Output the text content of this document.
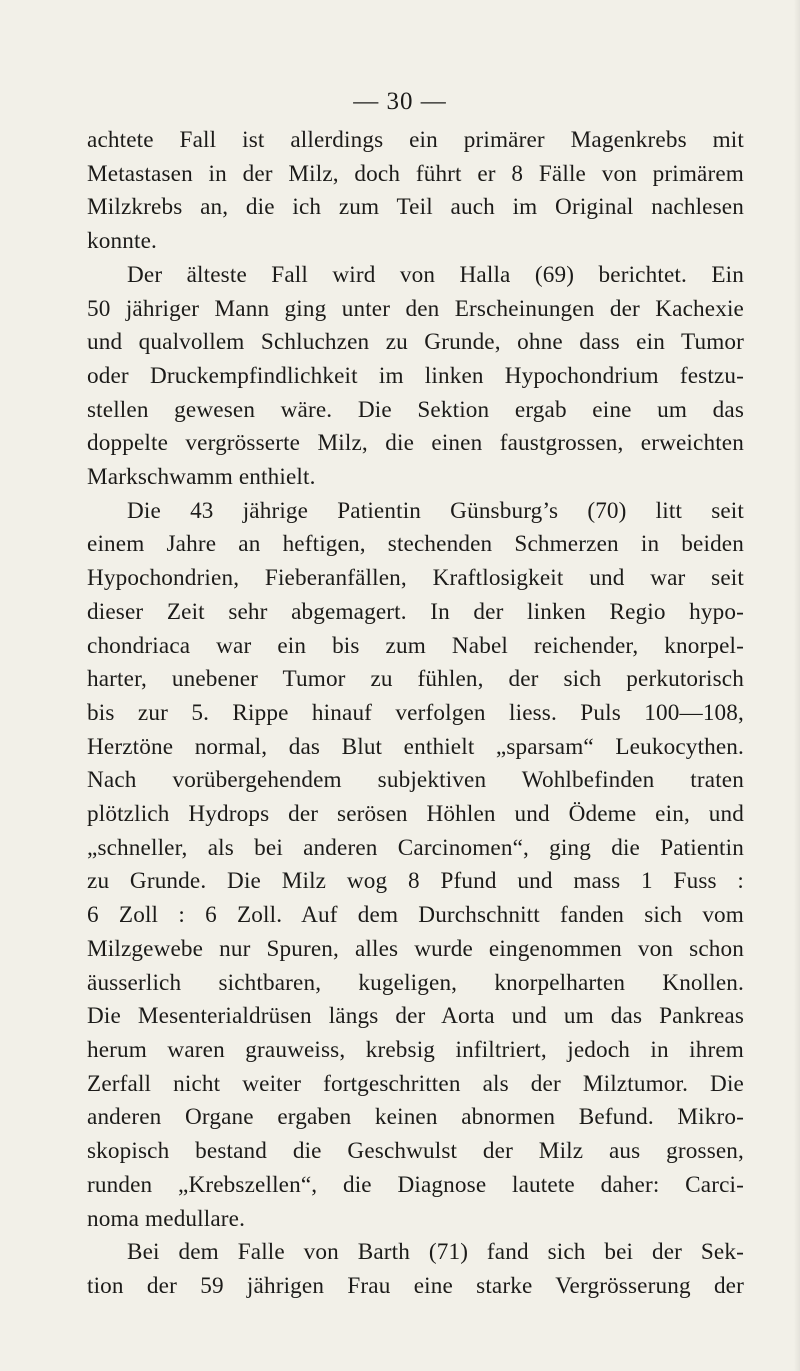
— 30 —

achtete Fall ist allerdings ein primärer Magenkrebs mit
Metastasen in der Milz, doch führt er 8 Fälle von primärem
Milzkrebs an, die ich zum Teil auch im Original nachlesen
konnte.

Der älteste Fall wird von Halla (69) berichtet. Ein
50 jähriger Mann ging unter den Erscheinungen der Kachexie
und qualvollem Schluchzen zu Grunde, ohne dass ein Tumor
oder Druckempfindlichkeit im linken Hypochondrium festzu-
stellen gewesen wäre. Die Sektion ergab eine um das
doppelte vergrösserte Milz, die einen faustgrossen, erweichten
Markschwamm enthielt.

Die 43 jährige Patientin Günsburg’s (70) litt seit
einem Jahre an heftigen, stechenden Schmerzen in beiden
Hypochondrien, Fieberanfällen, Kraftlosigkeit und war seit
dieser Zeit sehr abgemagert. In der linken Regio hypo-
chondriaca war ein bis zum Nabel reichender, knorpel-
harter, unebener Tumor zu fühlen, der sich perkutorisch
bis zur 5. Rippe hinauf verfolgen liess. Puls 100—108,
Herztöne normal, das Blut enthielt „sparsam“ Leukocythen.
Nach vorübergehendem subjektiven Wohlbefinden traten
plötzlich Hydrops der serösen Höhlen und Ödeme ein, und
„schneller, als bei anderen Carcinomen“, ging die Patientin
zu Grunde. Die Milz wog 8 Pfund und mass 1 Fuss :
6 Zoll : 6 Zoll. Auf dem Durchschnitt fanden sich vom
Milzgewebe nur Spuren, alles wurde eingenommen von schon
äusserlich sichtbaren, kugeligen, knorpelharten Knollen.
Die Mesenterialdrüsen längs der Aorta und um das Pankreas
herum waren grauweiss, krebsig infiltriert, jedoch in ihrem
Zerfall nicht weiter fortgeschritten als der Milztumor. Die
anderen Organe ergaben keinen abnormen Befund. Mikro-
skopisch bestand die Geschwulst der Milz aus grossen,
runden „Krebszellen“, die Diagnose lautete daher: Carci-
noma medullare.

Bei dem Falle von Barth (71) fand sich bei der Sek-
tion der 59 jährigen Frau eine starke Vergrösserung der
